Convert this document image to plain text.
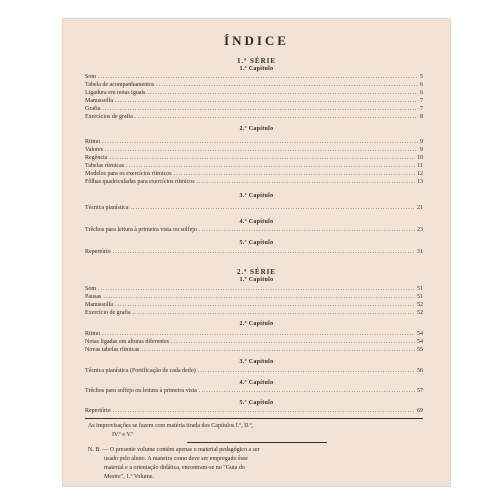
ÍNDICE
1.ª SÉRIE
1.º Capítulo
Som .....	5
Tabela de acompanhamentos .....	6
Ligadura em notas iguais .....	6
Manussolfa .....	7
Grafia .....	7
Exercícios de grafia .....	8
2.º Capítulo
Ritmo .....	9
Valores .....	9
Regência .....	10
Tabelas rítmicas .....	11
Modelos para os exercícios rítmicos .....	12
Fôlhas quadriculadas para exercícios rítmicos .....	13
3.º Capítulo
Técnica pianística .....	21
4.º Capítulo
Trêchos para leitura à primeira vista ou solfejo .....	23
5.º Capítulo
Repertório .....	31
2.ª SÉRIE
1.º Capítulo
Som .....	51
Pausas .....	51
Manussolfa .....	52
Exercício de grafia .....	52
2.º Capítulo
Ritmo .....	54
Notas ligadas em alturas diferentes .....	54
Novas tabelas rítmicas .....	55
3.º Capítulo
Técnica pianística (Fortificação de cada dedo) .....	56
4.º Capítulo
Trêchos para solfejo ou leitura à primeira vista .....	57
5.º Capítulo
Repertório .....	69
As improvisações se fazem com matéria tirada dos Capítulos I.º, II.º,
IV.º e V.º
N. B. — O presente volume contém apenas o material pedagógico a ser
usado pelo aluno. A maneira como deve ser empregado êsse
material e a orientação didática, encontram-se no "Guia do
Mestre", 1.º Volume.
